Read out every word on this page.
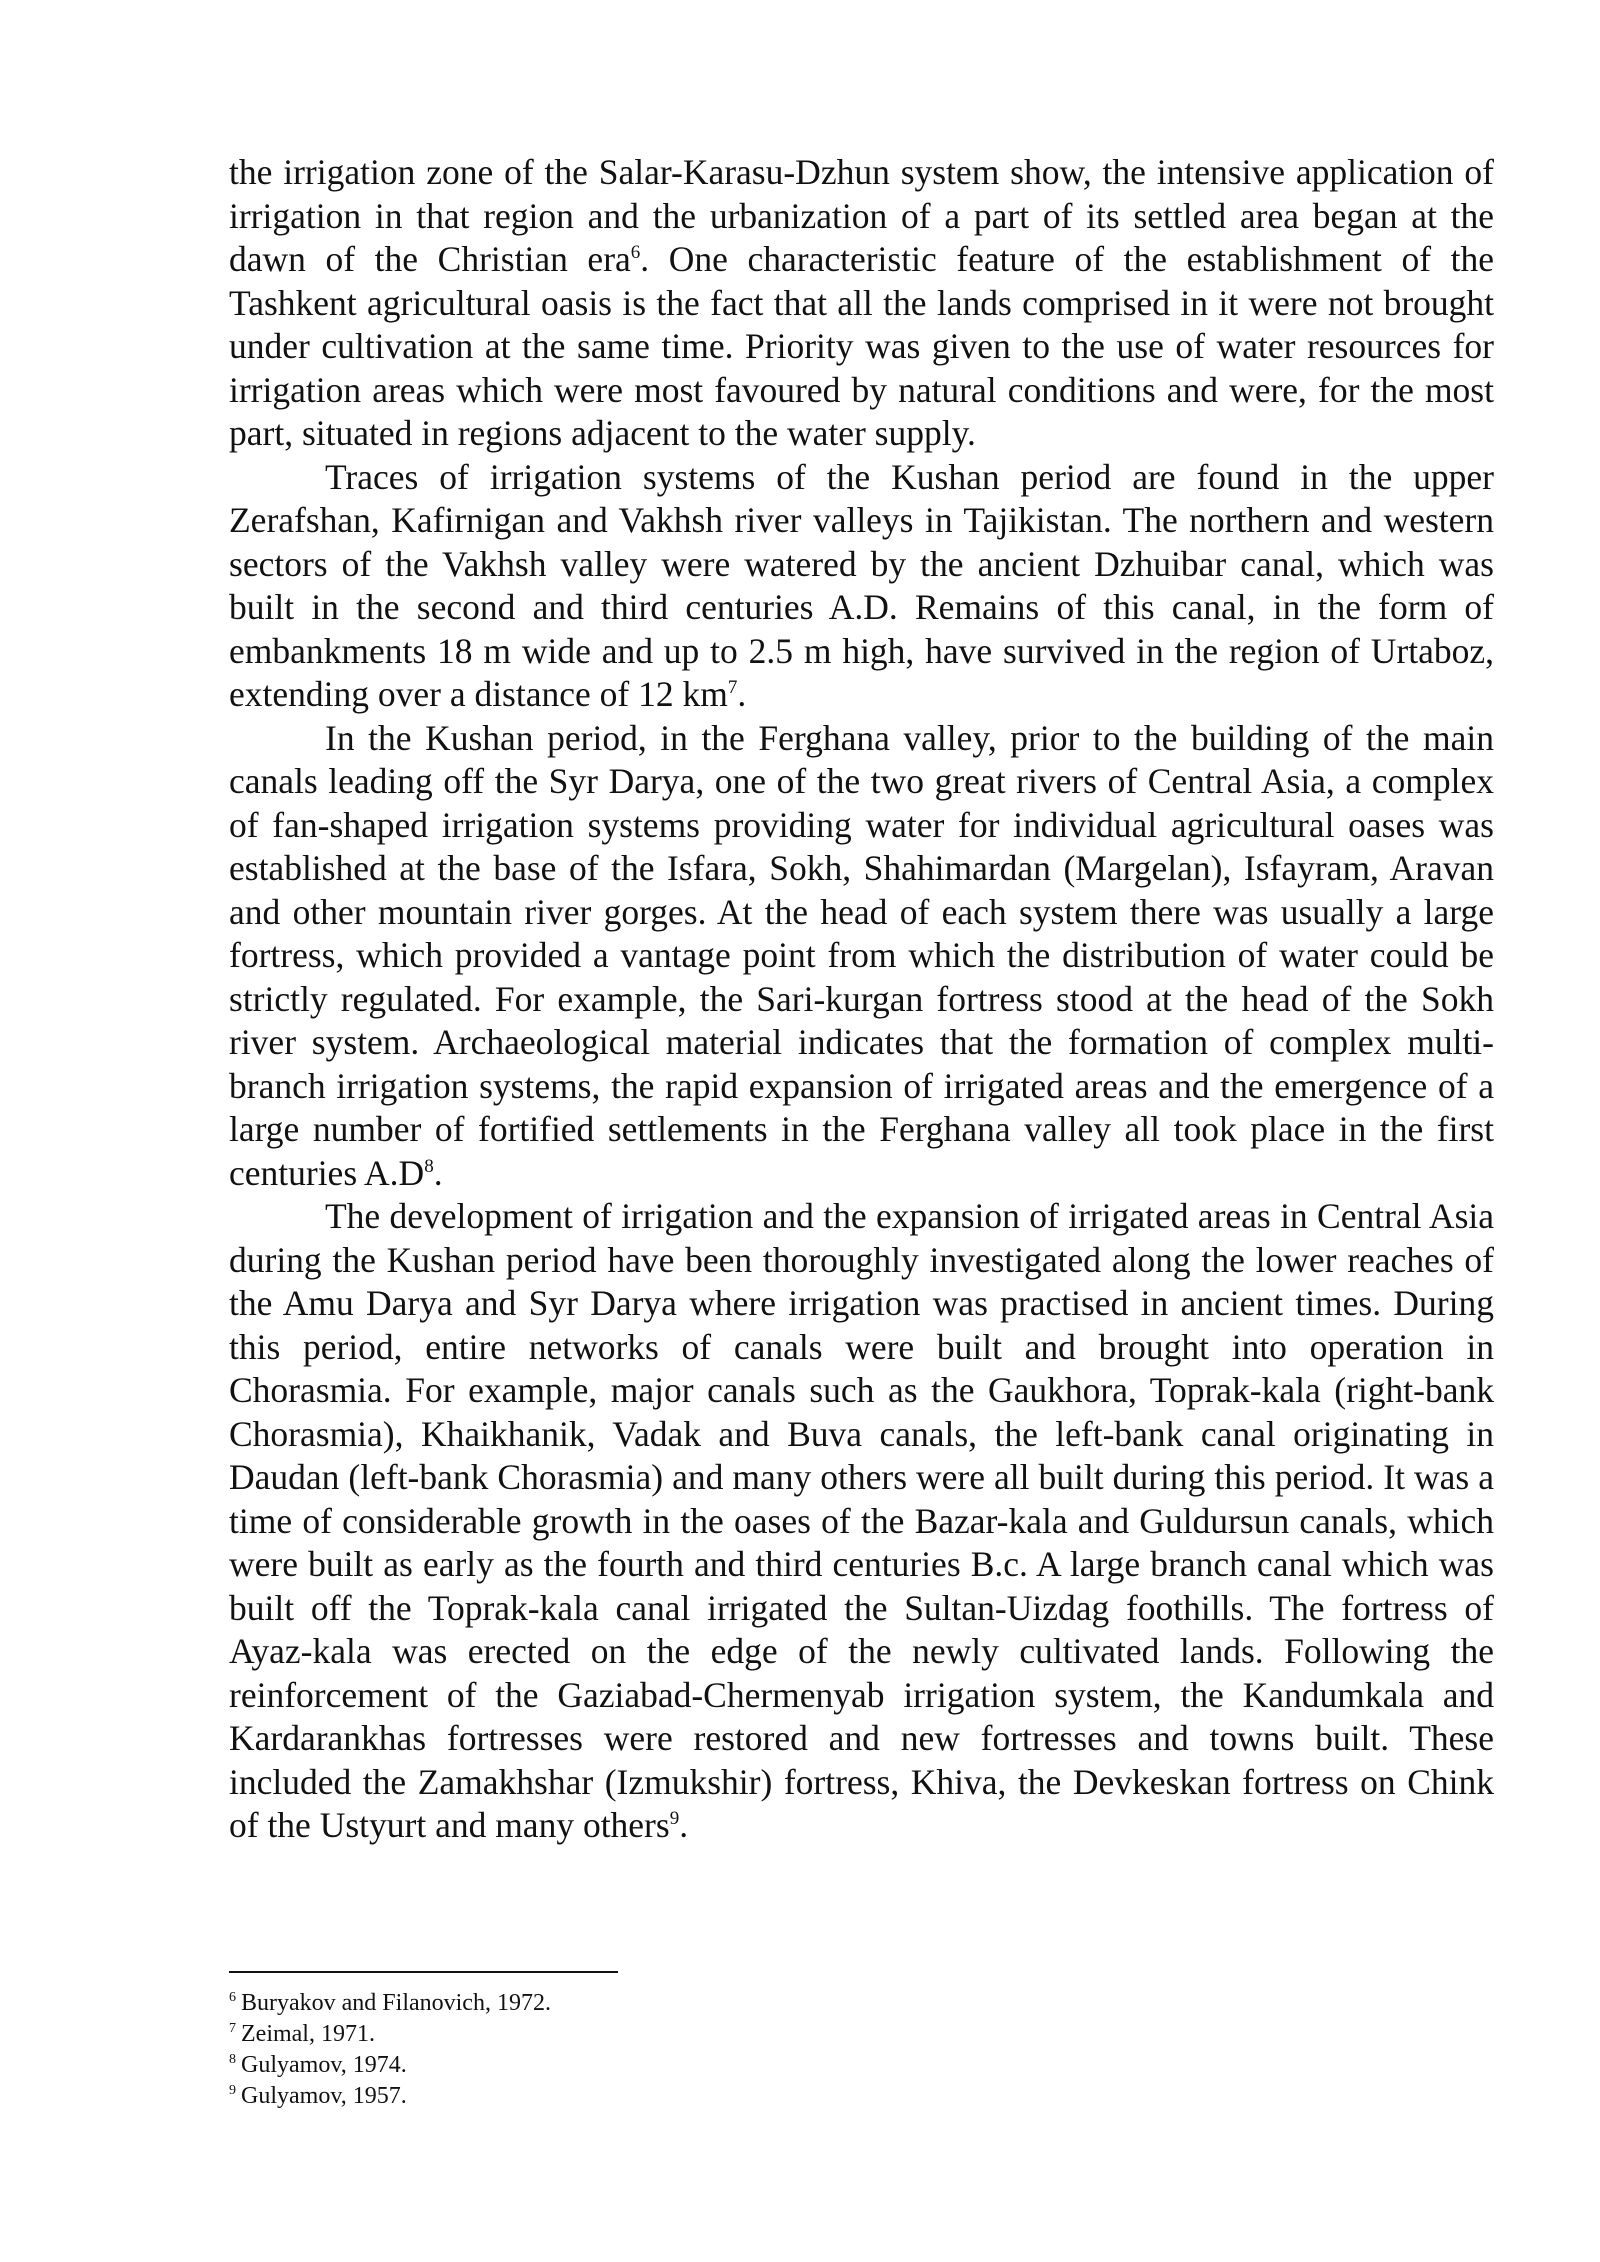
the irrigation zone of the Salar-Karasu-Dzhun system show, the intensive application of irrigation in that region and the urbanization of a part of its settled area began at the dawn of the Christian era$^6$. One characteristic feature of the establishment of the Tashkent agricultural oasis is the fact that all the lands comprised in it were not brought under cultivation at the same time. Priority was given to the use of water resources for irrigation areas which were most favoured by natural conditions and were, for the most part, situated in regions adjacent to the water supply.

Traces of irrigation systems of the Kushan period are found in the upper Zerafshan, Kafirnigan and Vakhsh river valleys in Tajikistan. The northern and western sectors of the Vakhsh valley were watered by the ancient Dzhuibar canal, which was built in the second and third centuries A.D. Remains of this canal, in the form of embankments 18 m wide and up to 2.5 m high, have survived in the region of Urtaboz, extending over a distance of 12 $km^7$.

In the Kushan period, in the Ferghana valley, prior to the building of the main canals leading off the Syr Darya, one of the two great rivers of Central Asia, a complex of fan-shaped irrigation systems providing water for individual agricultural oases was established at the base of the Isfara, Sokh, Shahimardan (Margelan), Isfayram, Aravan and other mountain river gorges. At the head of each system there was usually a large fortress, which provided a vantage point from which the distribution of water could be strictly regulated. For example, the Sari-kurgan fortress stood at the head of the Sokh river system. Archaeological material indicates that the formation of complex multi-branch irrigation systems, the rapid expansion of irrigated areas and the emergence of a large number of fortified settlements in the Ferghana valley all took place in the first centuries $A.D^8$.

The development of irrigation and the expansion of irrigated areas in Central Asia during the Kushan period have been thoroughly investigated along the lower reaches of the Amu Darya and Syr Darya where irrigation was practised in ancient times. During this period, entire networks of canals were built and brought into operation in Chorasmia. For example, major canals such as the Gaukhora, Toprak-kala (right-bank Chorasmia), Khaikhanik, Vadak and Buva canals, the left-bank canal originating in Daudan (left-bank Chorasmia) and many others were all built during this period. It was a time of considerable growth in the oases of the Bazar-kala and Guldursun canals, which were built as early as the fourth and third centuries B.c. A large branch canal which was built off the Toprak-kala canal irrigated the Sultan-Uizdag foothills. The fortress of Ayaz-kala was erected on the edge of the newly cultivated lands. Following the reinforcement of the Gaziabad-Chermenyab irrigation system, the Kandumkala and Kardarankhas fortresses were restored and new fortresses and towns built. These included the Zamakhshar (Izmukshir) fortress, Khiva, the Devkeskan fortress on Chink of the Ustyurt and many others$^9$.

$^6$ Buryakov and Filanovich, 1972.

$^7$ Zeimal, 1971.

$^8$ Gulyamov, 1974.

$^9$ Gulyamov, 1957.
